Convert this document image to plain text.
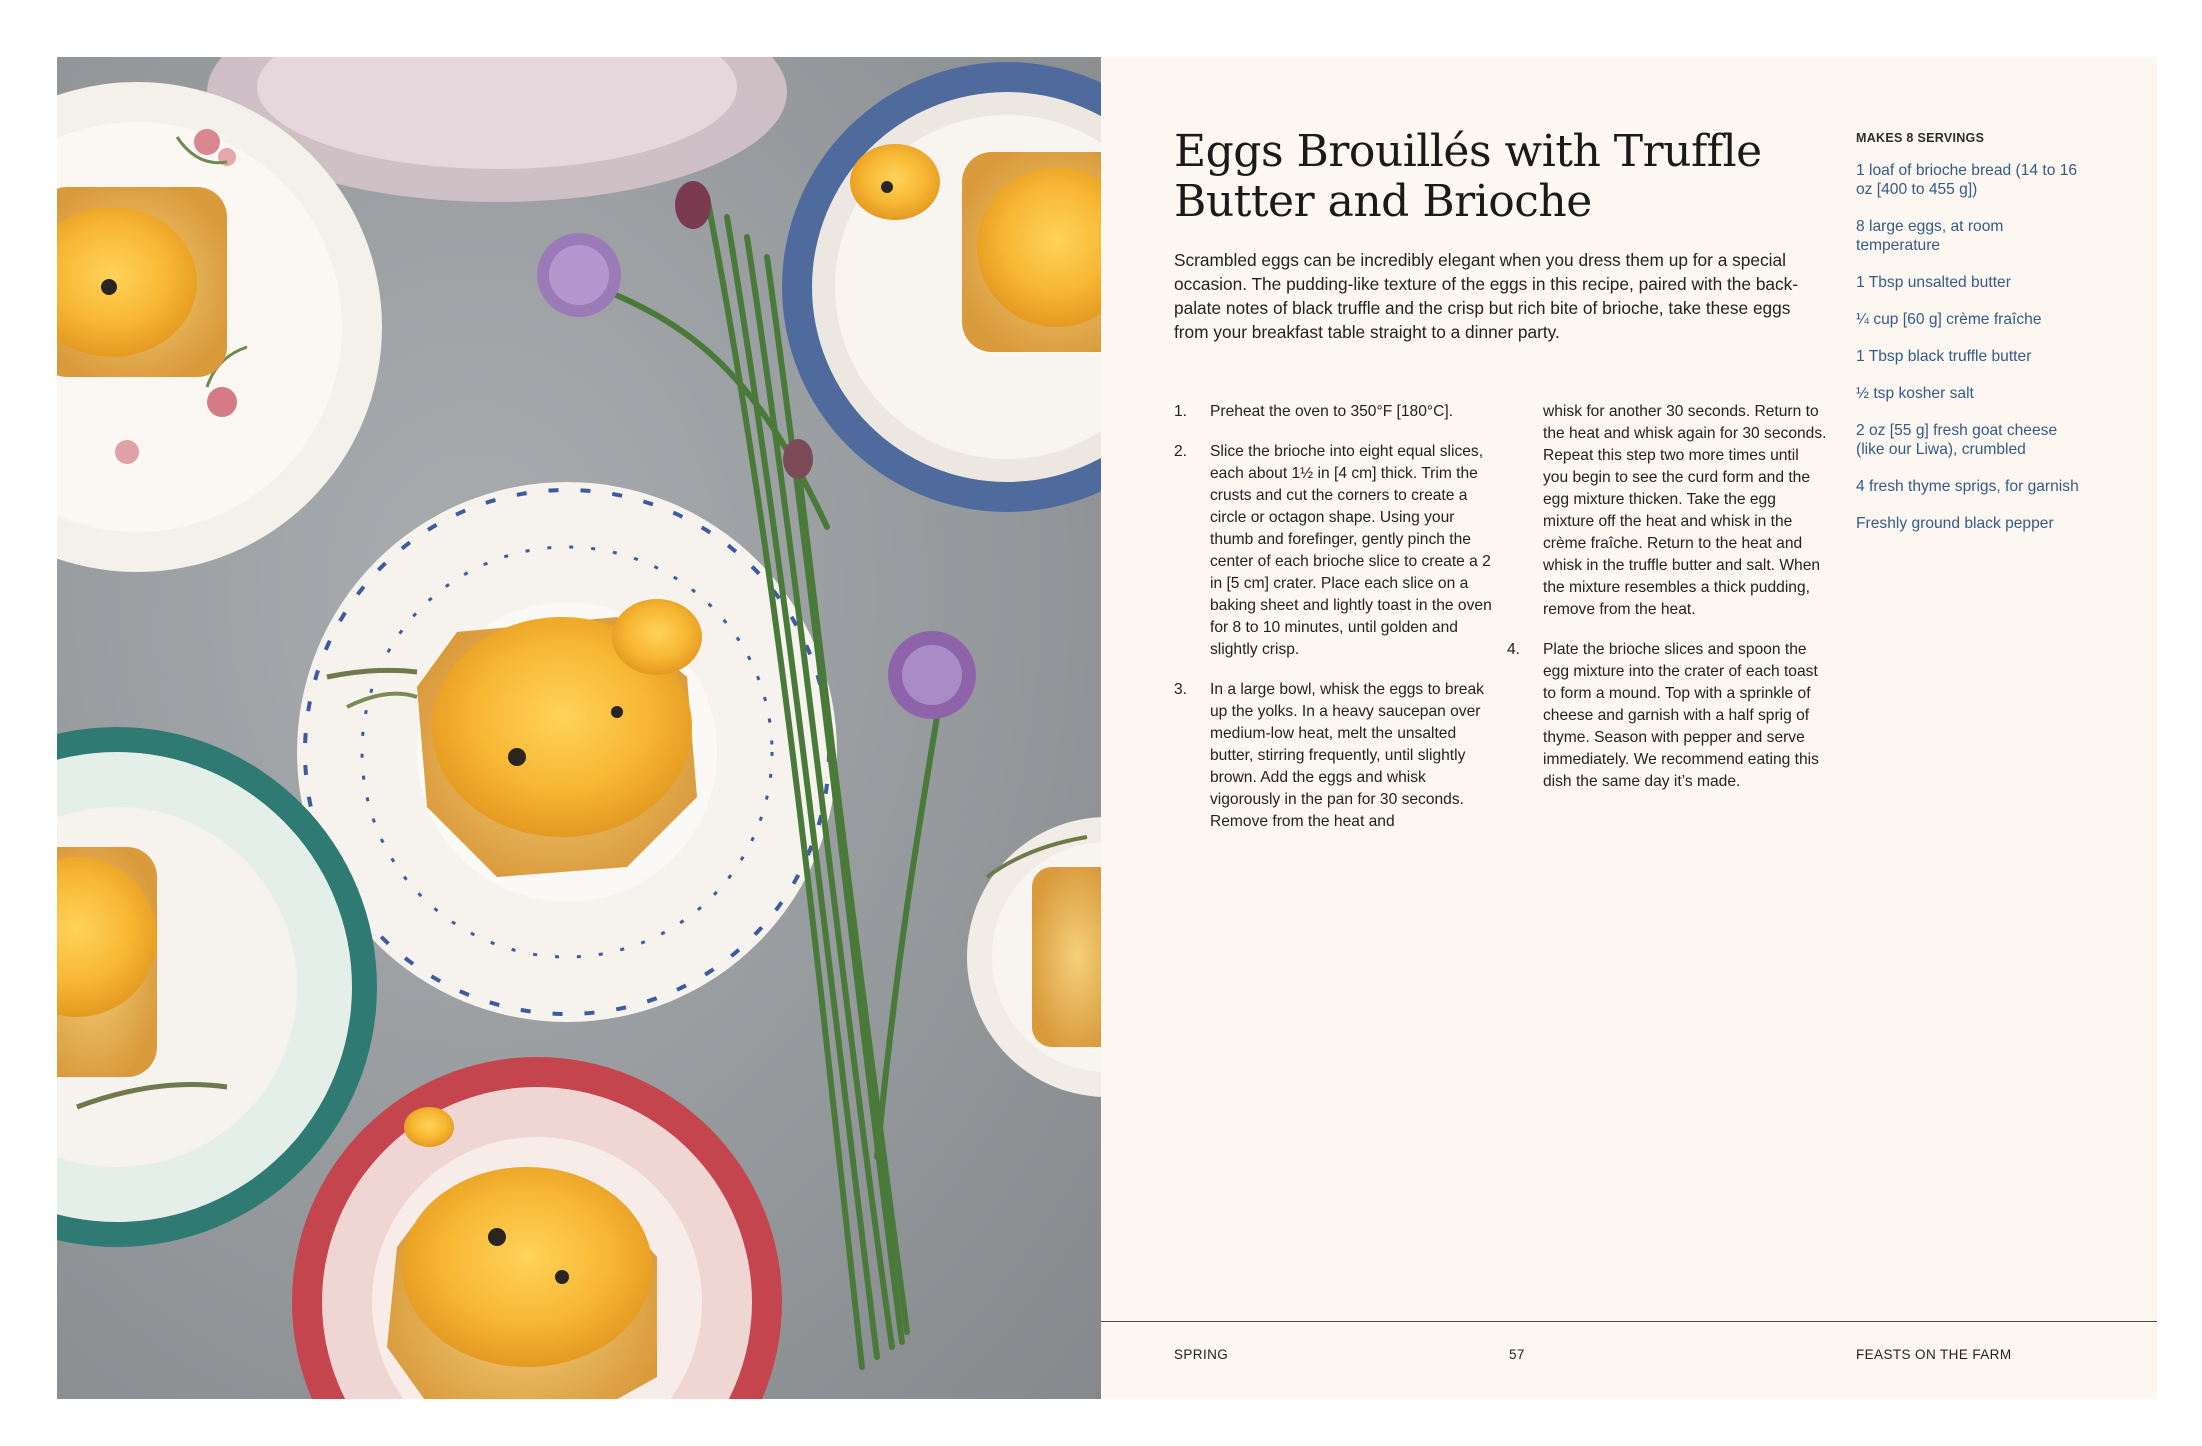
Eggs Brouillés with Truffle Butter and Brioche

Scrambled eggs can be incredibly elegant when you dress them up for a special occasion. The pudding-like texture of the eggs in this recipe, paired with the back-palate notes of black truffle and the crisp but rich bite of brioche, take these eggs from your breakfast table straight to a dinner party.

1. Preheat the oven to 350°F [180°C].

2. Slice the brioche into eight equal slices, each about 1½ in [4 cm] thick. Trim the crusts and cut the corners to create a circle or octagon shape. Using your thumb and forefinger, gently pinch the center of each brioche slice to create a 2 in [5 cm] crater. Place each slice on a baking sheet and lightly toast in the oven for 8 to 10 minutes, until golden and slightly crisp.

3. In a large bowl, whisk the eggs to break up the yolks. In a heavy saucepan over medium-low heat, melt the unsalted butter, stirring frequently, until slightly brown. Add the eggs and whisk vigorously in the pan for 30 seconds. Remove from the heat and

whisk for another 30 seconds. Return to the heat and whisk again for 30 seconds. Repeat this step two more times until you begin to see the curd form and the egg mixture thicken. Take the egg mixture off the heat and whisk in the crème fraîche. Return to the heat and whisk in the truffle butter and salt. When the mixture resembles a thick pudding, remove from the heat.

4. Plate the brioche slices and spoon the egg mixture into the crater of each toast to form a mound. Top with a sprinkle of cheese and garnish with a half sprig of thyme. Season with pepper and serve immediately. We recommend eating this dish the same day it’s made.

MAKES 8 SERVINGS

1 loaf of brioche bread (14 to 16 oz [400 to 455 g])
8 large eggs, at room temperature
1 Tbsp unsalted butter
¼ cup [60 g] crème fraîche
1 Tbsp black truffle butter
½ tsp kosher salt
2 oz [55 g] fresh goat cheese (like our Liwa), crumbled
4 fresh thyme sprigs, for garnish
Freshly ground black pepper
SPRING	57	FEASTS ON THE FARM
